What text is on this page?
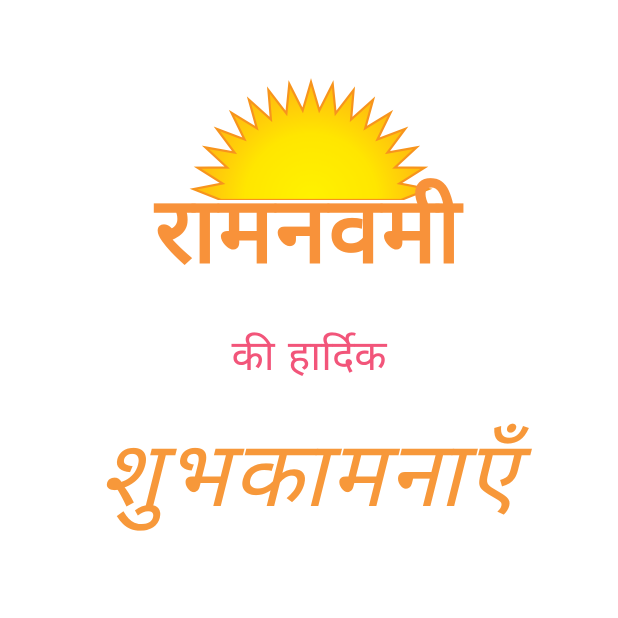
रामनवमी
की हार्दिक
शुभकामनाएँ
